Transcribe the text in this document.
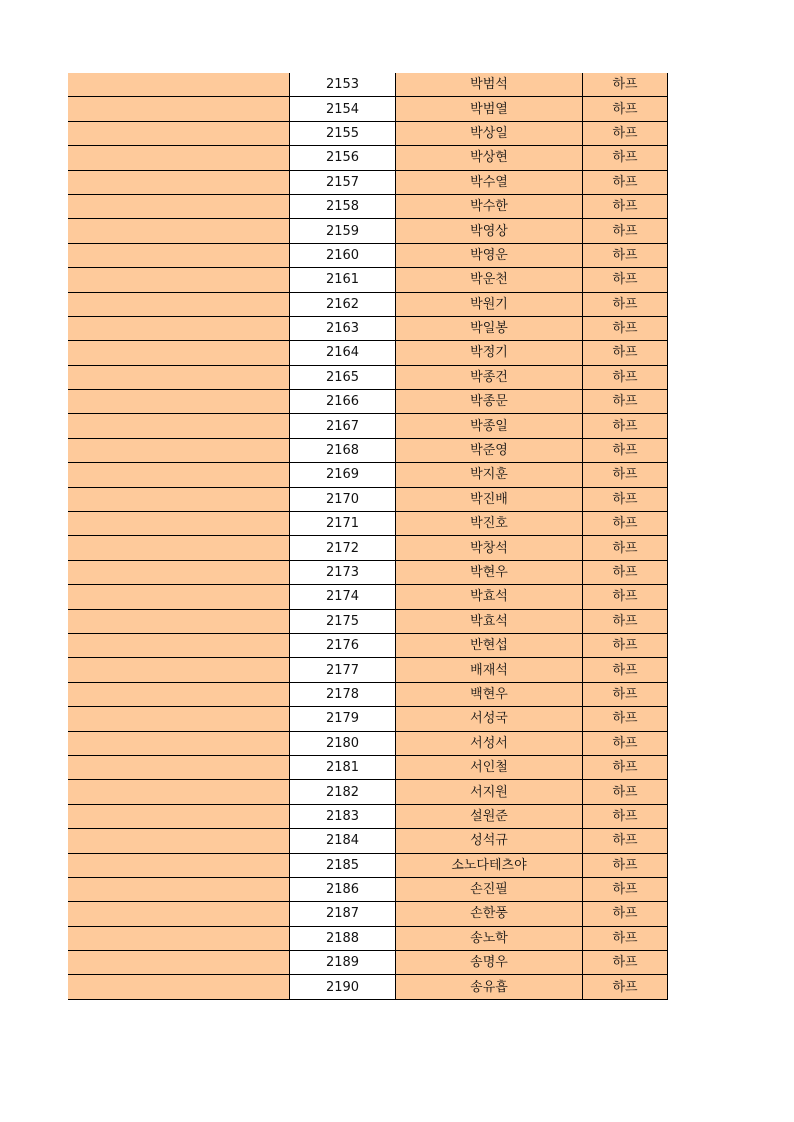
	2153	박범석	하프
	2154	박범열	하프
	2155	박상일	하프
	2156	박상현	하프
	2157	박수열	하프
	2158	박수한	하프
	2159	박영상	하프
	2160	박영운	하프
	2161	박운천	하프
	2162	박원기	하프
	2163	박일봉	하프
	2164	박정기	하프
	2165	박종건	하프
	2166	박종문	하프
	2167	박종일	하프
	2168	박준영	하프
	2169	박지훈	하프
	2170	박진배	하프
	2171	박진호	하프
	2172	박창석	하프
	2173	박현우	하프
	2174	박효석	하프
	2175	박효석	하프
	2176	반현섭	하프
	2177	배재석	하프
	2178	백현우	하프
	2179	서성국	하프
	2180	서성서	하프
	2181	서인철	하프
	2182	서지원	하프
	2183	설원준	하프
	2184	성석규	하프
	2185	소노다테츠야	하프
	2186	손진필	하프
	2187	손한풍	하프
	2188	송노학	하프
	2189	송명우	하프
	2190	송유흡	하프
